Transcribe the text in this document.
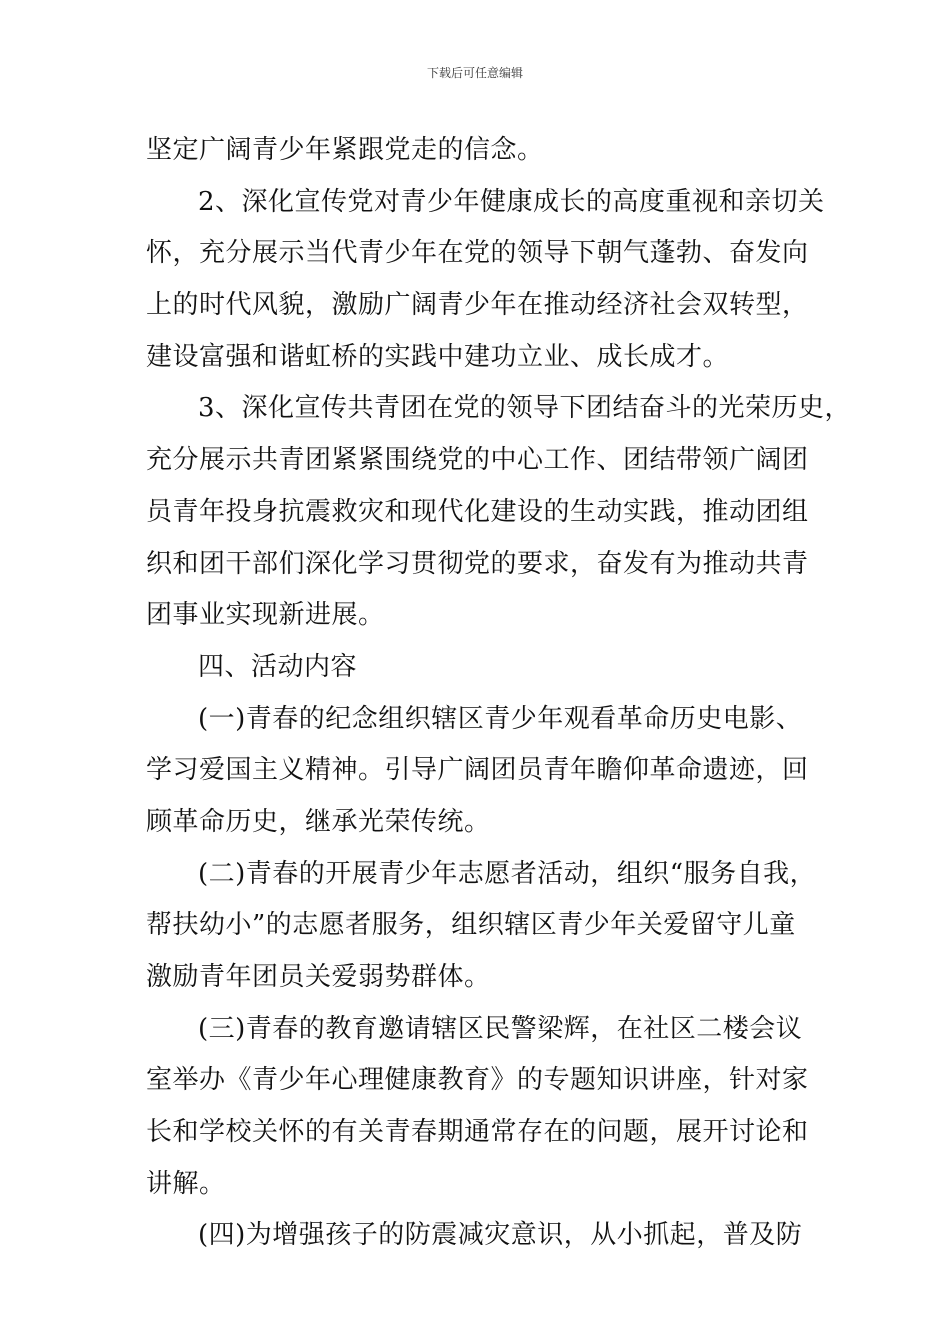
下载后可任意编辑
坚定广阔青少年紧跟党走的信念。
2、深化宣传党对青少年健康成长的高度重视和亲切关
怀，充分展示当代青少年在党的领导下朝气蓬勃、奋发向
上的时代风貌，激励广阔青少年在推动经济社会双转型，
建设富强和谐虹桥的实践中建功立业、成长成才。
3、深化宣传共青团在党的领导下团结奋斗的光荣历史，
充分展示共青团紧紧围绕党的中心工作、团结带领广阔团
员青年投身抗震救灾和现代化建设的生动实践，推动团组
织和团干部们深化学习贯彻党的要求，奋发有为推动共青
团事业实现新进展。
四、活动内容
(一)青春的纪念组织辖区青少年观看革命历史电影、
学习爱国主义精神。引导广阔团员青年瞻仰革命遗迹，回
顾革命历史，继承光荣传统。
(二)青春的开展青少年志愿者活动，组织“服务自我，
帮扶幼小”的志愿者服务，组织辖区青少年关爱留守儿童
激励青年团员关爱弱势群体。
(三)青春的教育邀请辖区民警梁辉，在社区二楼会议
室举办《青少年心理健康教育》的专题知识讲座，针对家
长和学校关怀的有关青春期通常存在的问题，展开讨论和
讲解。
(四)为增强孩子的防震减灾意识，从小抓起，普及防
